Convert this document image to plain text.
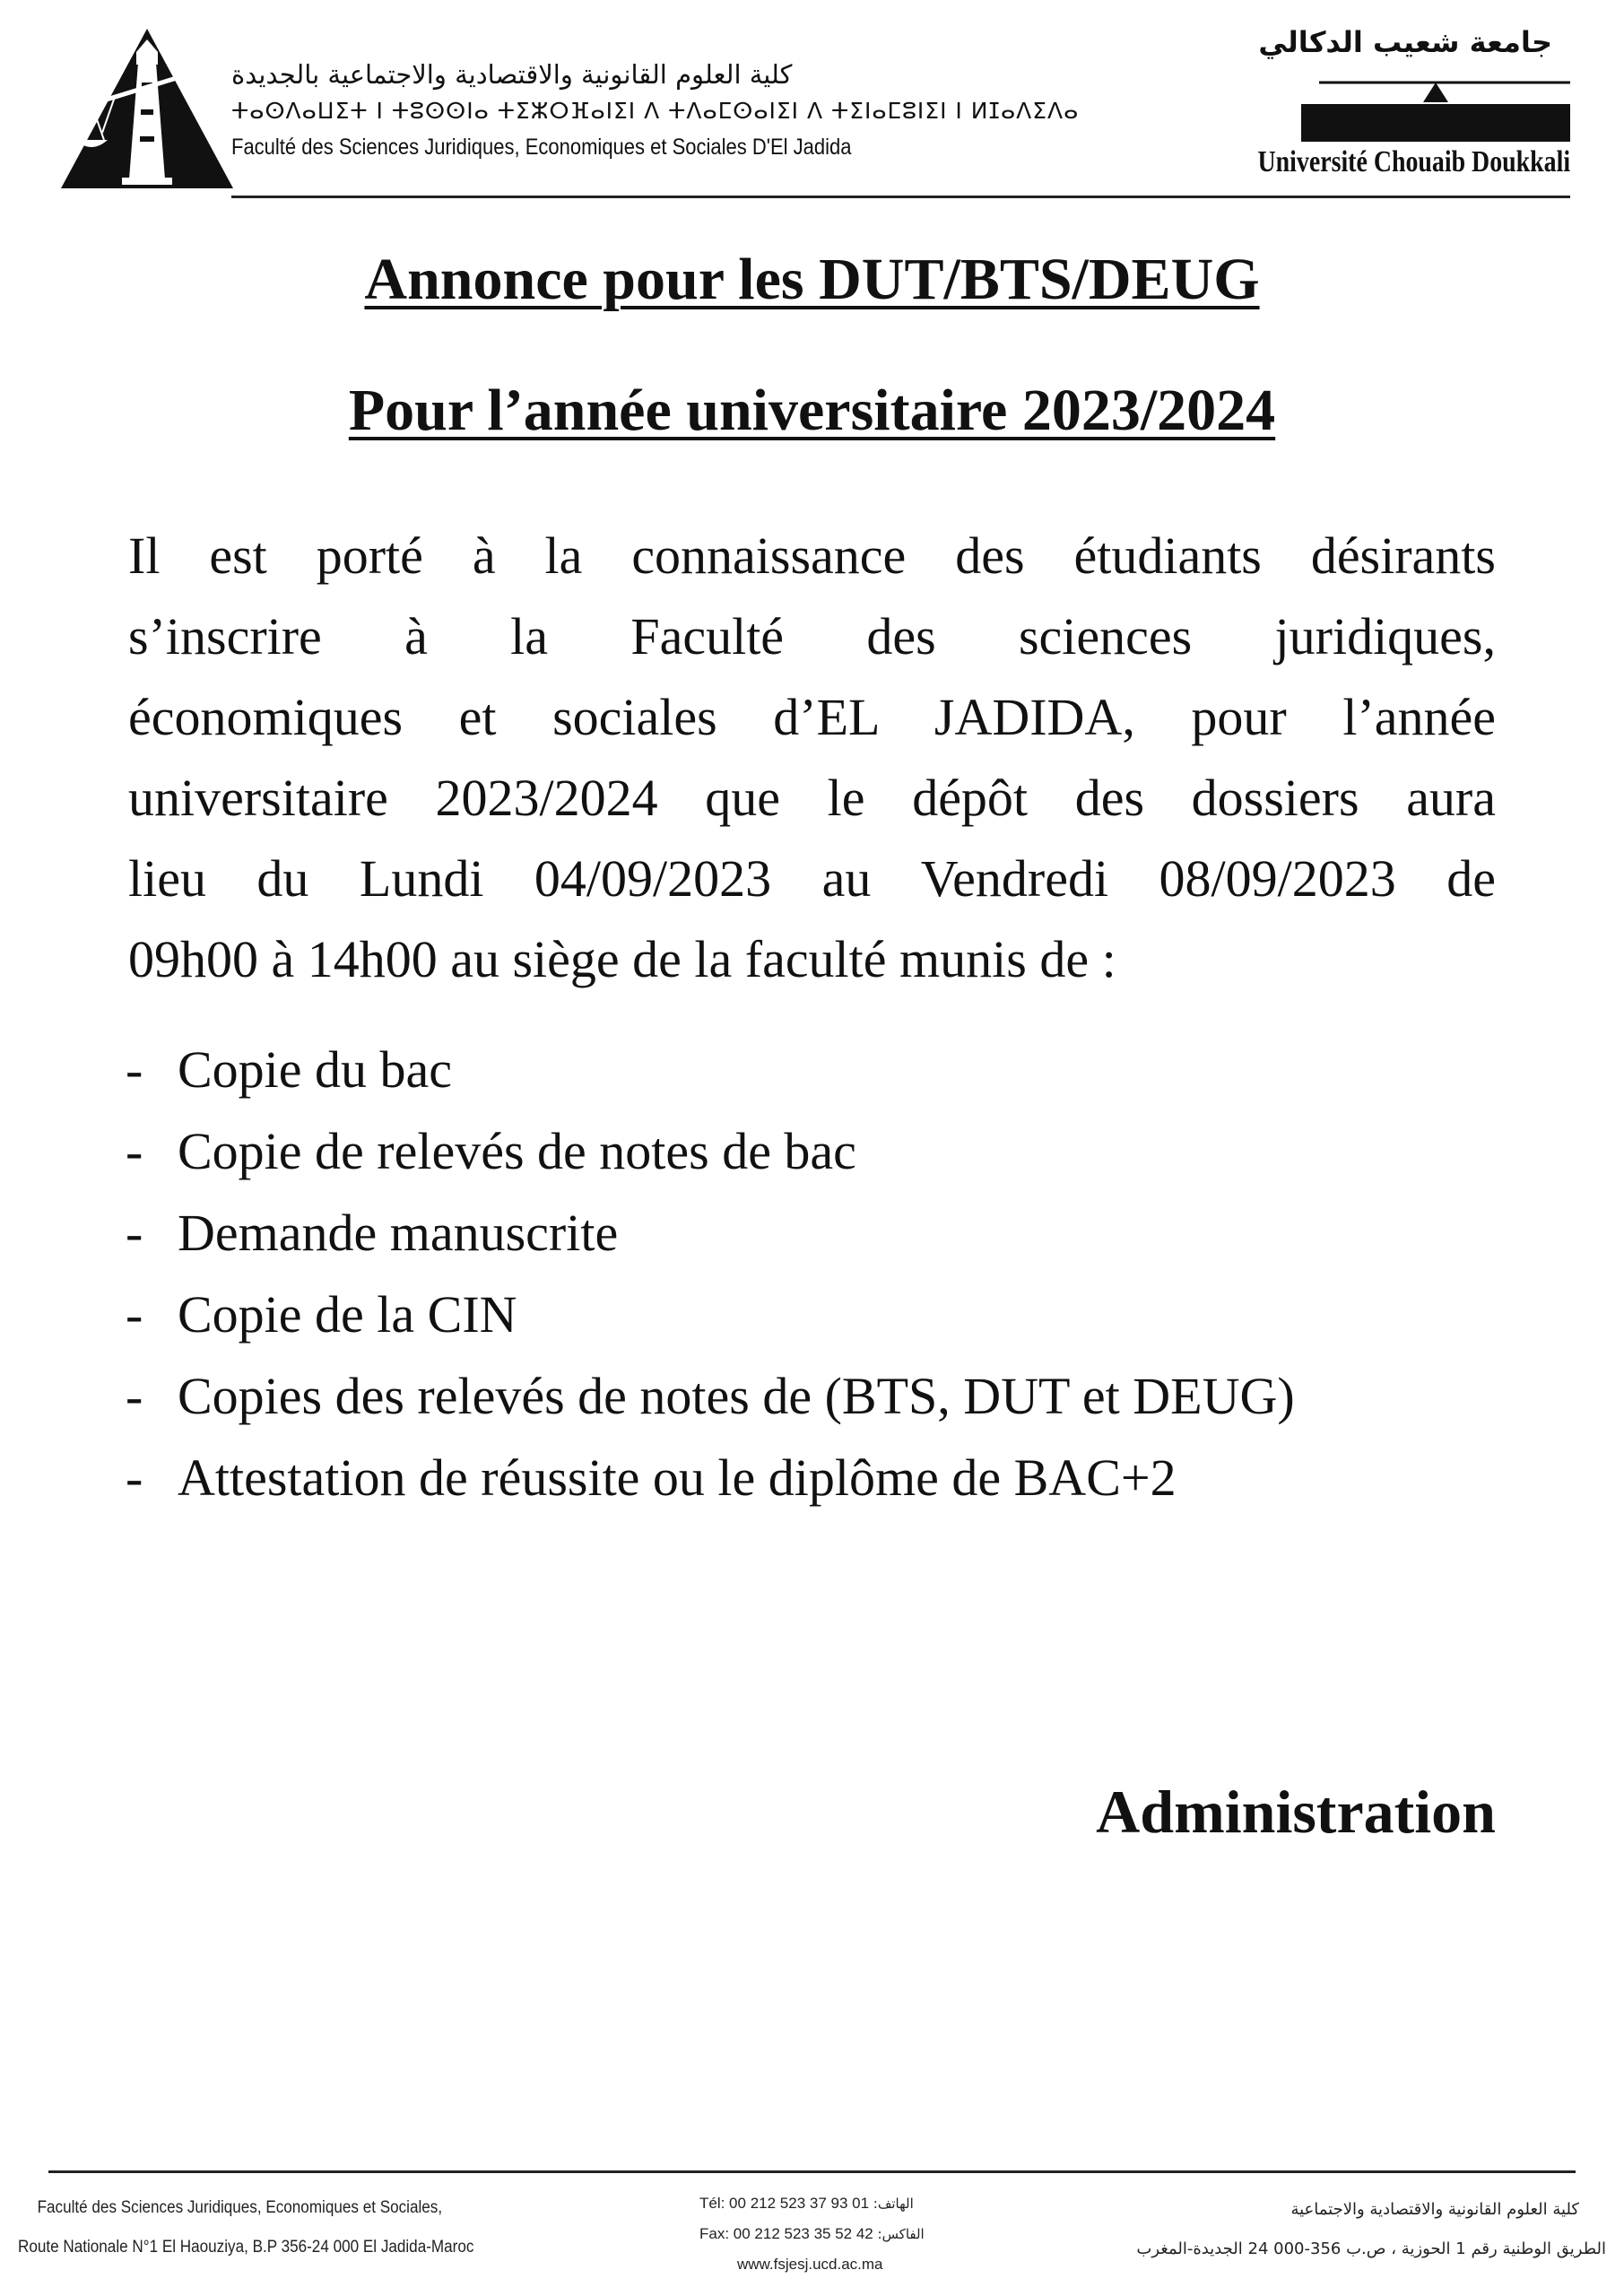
كلية العلوم القانونية والاقتصادية والاجتماعية بالجديدة
ⵜⴰⵙⴷⴰⵡⵉⵜ ⵏ ⵜⵓⵙⵙⵏⴰ ⵜⵉⵣⵔⴼⴰⵏⵉⵏ ⴷ ⵜⴷⴰⵎⵙⴰⵏⵉⵏ ⴷ ⵜⵉⵏⴰⵎⵓⵏⵉⵏ ⵏ ⵍⵊⴰⴷⵉⴷⴰ
Faculté des Sciences Juridiques, Economiques et Sociales D'El Jadida
جامعة شعيب الدكالي
Université Chouaib Doukkali
Annonce pour les DUT/BTS/DEUG
Pour l’année universitaire 2023/2024
Il est porté à la connaissance des étudiants désirants
s’inscrire à la Faculté des sciences juridiques,
économiques et sociales d’EL JADIDA, pour l’année
universitaire 2023/2024 que le dépôt des dossiers aura
lieu du Lundi 04/09/2023 au Vendredi 08/09/2023 de
09h00 à 14h00 au siège de la faculté munis de :
- Copie du bac
- Copie de relevés de notes de bac
- Demande manuscrite
- Copie de la CIN
- Copies des relevés de notes de (BTS, DUT et DEUG)
- Attestation de réussite ou le diplôme de BAC+2
Administration
Faculté des Sciences Juridiques, Economiques et Sociales,
Route Nationale N°1 El Haouziya, B.P 356-24 000 El Jadida-Maroc
Tél: 00 212 523 37 93 01 :الهاتف
Fax: 00 212 523 35 52 42 :الفاكس
www.fsjesj.ucd.ac.ma
كلية العلوم القانونية والاقتصادية والاجتماعية
الطريق الوطنية رقم 1 الحوزية ، ص.ب 356-000 24 الجديدة-المغرب
